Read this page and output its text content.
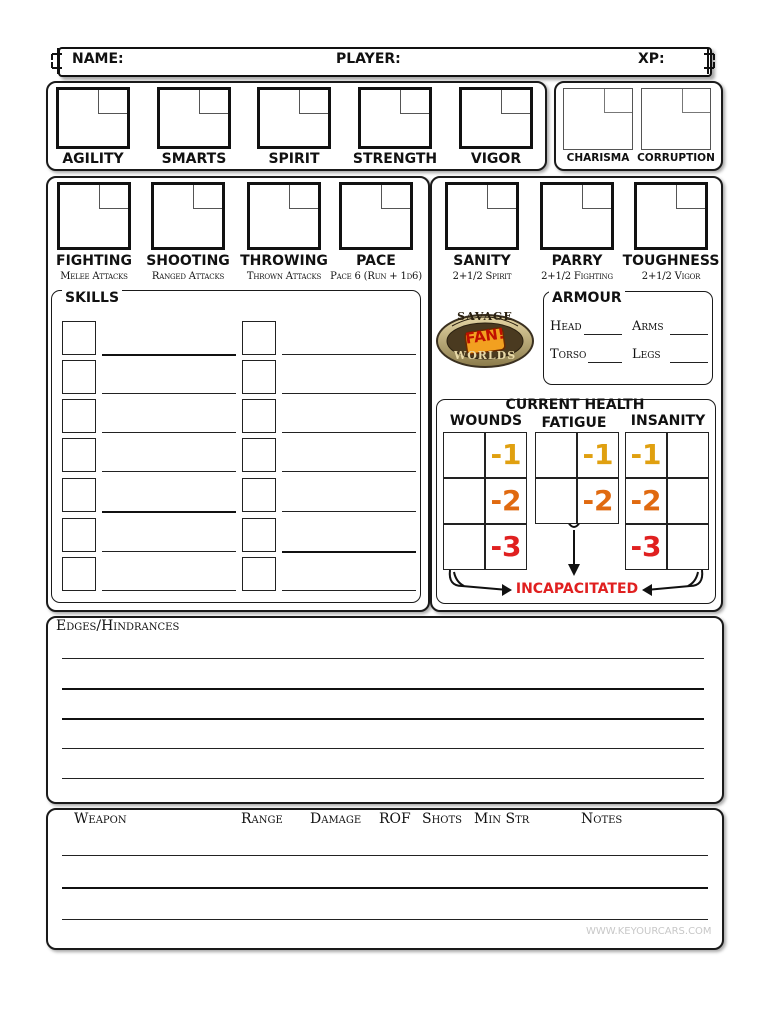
NAME:	PLAYER:	XP:
SKILLS	ARMOUR
Head	Arms
Torso	Legs
SAVAGE
FAN!
WORLDS
CURRENT HEALTH
WOUNDS	FATIGUE	INSANITY
INCAPACITATED
Edges/Hindrances
WWW.KEYOURCARS.COM
AGILITY	SMARTS	SPIRIT	STRENGTH	VIGOR	CHARISMA CORRUPTION
FIGHTING
Melee Attacks
SHOOTING
Ranged Attacks
THROWING
Thrown Attacks
PACE
Pace 6 (Run + 1d6)
SANITY
2+1/2 Spirit
PARRY
2+1/2 Fighting
TOUGHNESS
2+1/2 Vigor
-1
-2
-3
-1
-2
-1
-2
-3
Weapon	Range Damage ROF Shots Min Str	Notes
